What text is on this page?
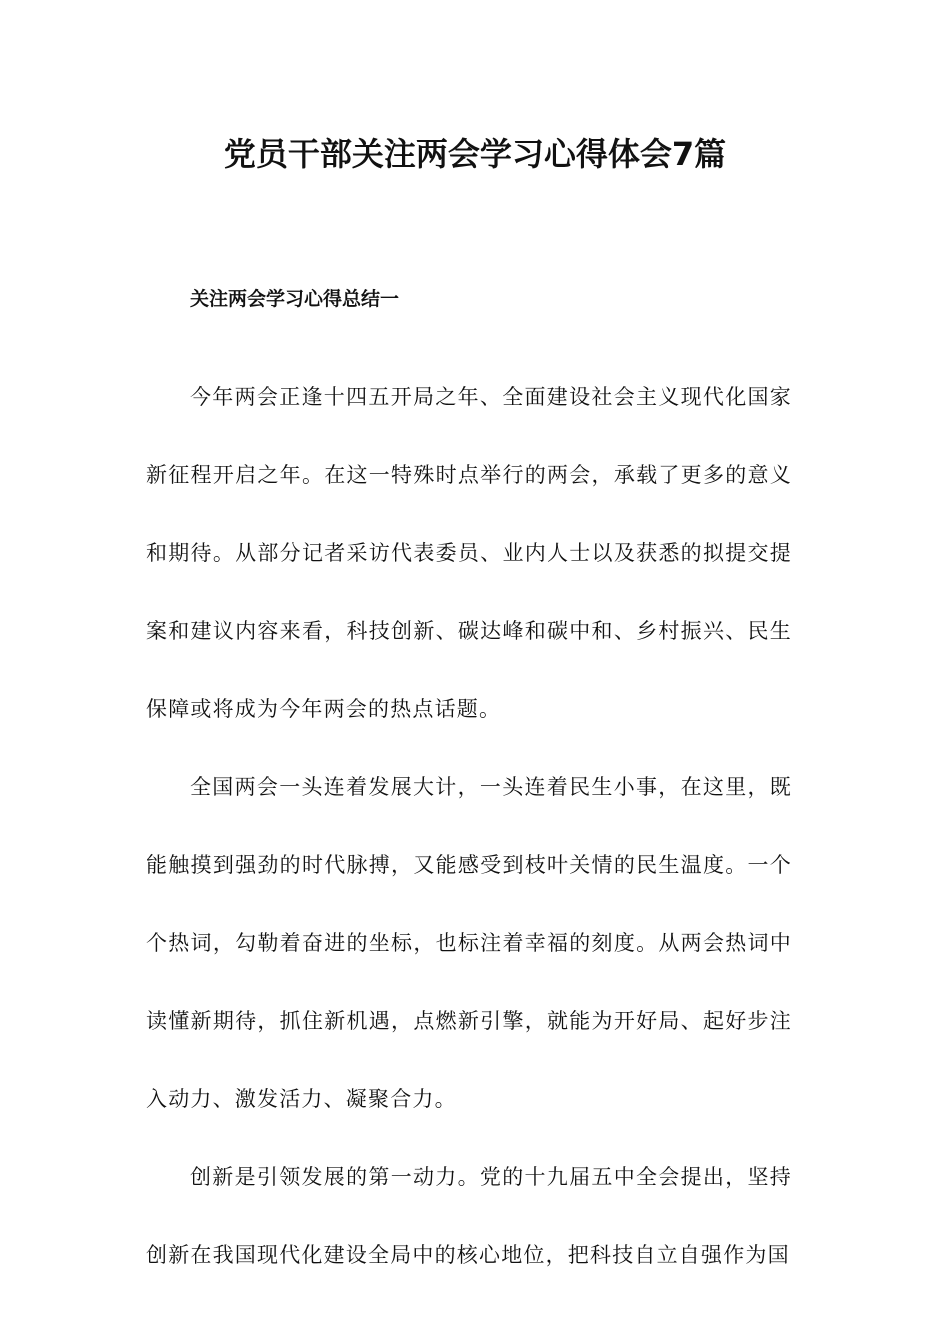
党员干部关注两会学习心得体会7篇
关注两会学习心得总结一

今年两会正逢十四五开局之年、全面建设社会主义现代化国家新征程开启之年。在这一特殊时点举行的两会，承载了更多的意义和期待。从部分记者采访代表委员、业内人士以及获悉的拟提交提案和建议内容来看，科技创新、碳达峰和碳中和、乡村振兴、民生保障或将成为今年两会的热点话题。

全国两会一头连着发展大计，一头连着民生小事，在这里，既能触摸到强劲的时代脉搏，又能感受到枝叶关情的民生温度。一个个热词，勾勒着奋进的坐标，也标注着幸福的刻度。从两会热词中读懂新期待，抓住新机遇，点燃新引擎，就能为开好局、起好步注入动力、激发活力、凝聚合力。

创新是引领发展的第一动力。党的十九届五中全会提出，坚持创新在我国现代化建设全局中的核心地位，把科技自立自强作为国
